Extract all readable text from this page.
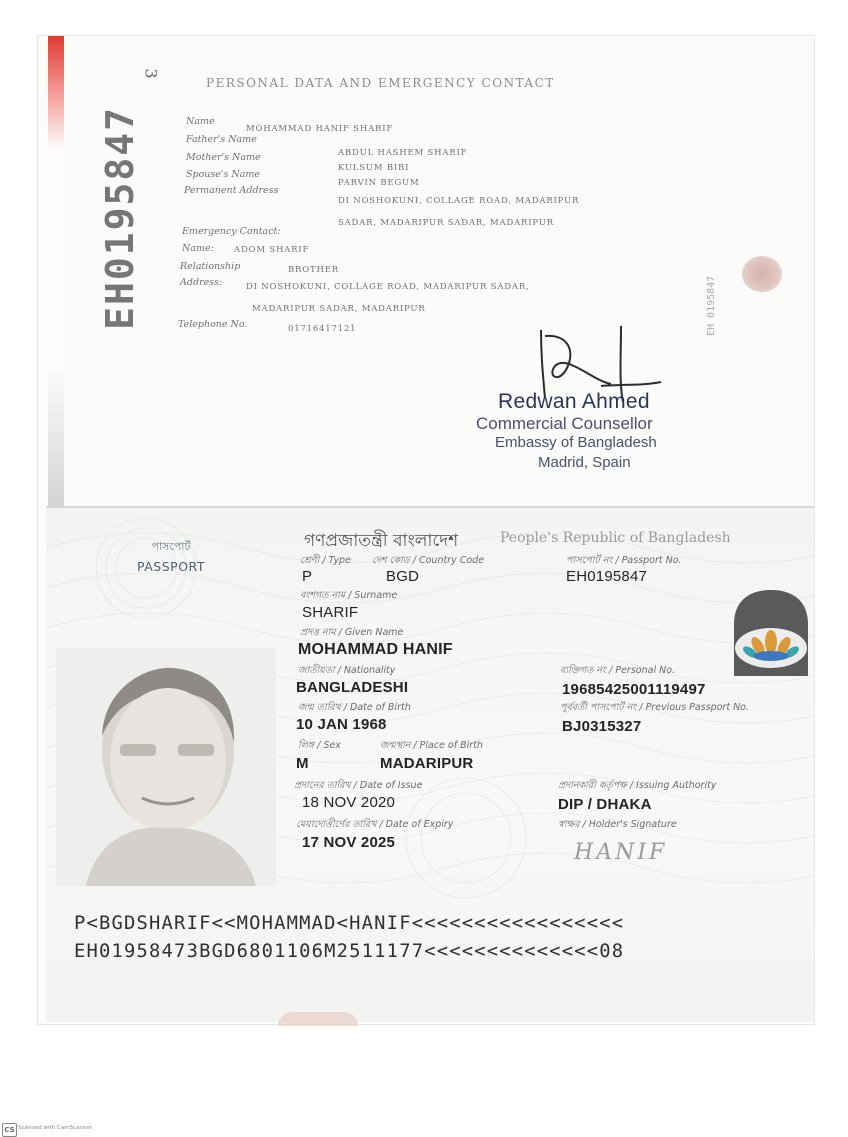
3
EH0195847
PERSONAL DATA AND EMERGENCY CONTACT
Name
MOHAMMAD HANIF SHARIF
Father's Name
ABDUL HASHEM SHARIF
Mother's Name
KULSUM BIBI
Spouse's Name
PARVIN BEGUM
Permanent Address
DI NOSHOKUNI, COLLAGE ROAD, MADARIPUR
SADAR, MADARIPUR SADAR, MADARIPUR
Emergency Contact:
Name: ADOM SHARIF
Relationship	BROTHER
Address:	DI NOSHOKUNI, COLLAGE ROAD, MADARIPUR SADAR,
MADARIPUR SADAR, MADARIPUR
Telephone No.	01716417121
Redwan Ahmed
Commercial Counsellor
Embassy of Bangladesh
Madrid, Spain
EH 0195847
পাসপোর্ট
PASSPORT
গণপ্রজাতন্ত্রী বাংলাদেশ	People's Republic of Bangladesh
শ্রেণী / Type দেশ কোড / Country Code	পাসপোর্ট নং / Passport No.
P	BGD	EH0195847
বংশগত নাম / Surname
SHARIF
প্রদত্ত নাম / Given Name
MOHAMMAD HANIF
জাতীয়তা / Nationality	ব্যক্তিগত নং / Personal No.
BANGLADESHI	19685425001119497
জন্ম তারিখ / Date of Birth	পূর্ববর্তী পাসপোর্ট নং / Previous Passport No.
10 JAN 1968	BJ0315327
লিঙ্গ / Sex	জন্মস্থান / Place of Birth
M	MADARIPUR
প্রদানের তারিখ / Date of Issue	প্রদানকারী কর্তৃপক্ষ / Issuing Authority
18 NOV 2020	DIP / DHAKA
মেয়াদোত্তীর্ণের তারিখ / Date of Expiry	স্বাক্ষর / Holder's Signature
17 NOV 2025	HANIF
P<BGDSHARIF<<MOHAMMAD<HANIF<<<<<<<<<<<<<<<<<
EH01958473BGD6801106M2511177<<<<<<<<<<<<<<08
CS Scanned with CamScanner
